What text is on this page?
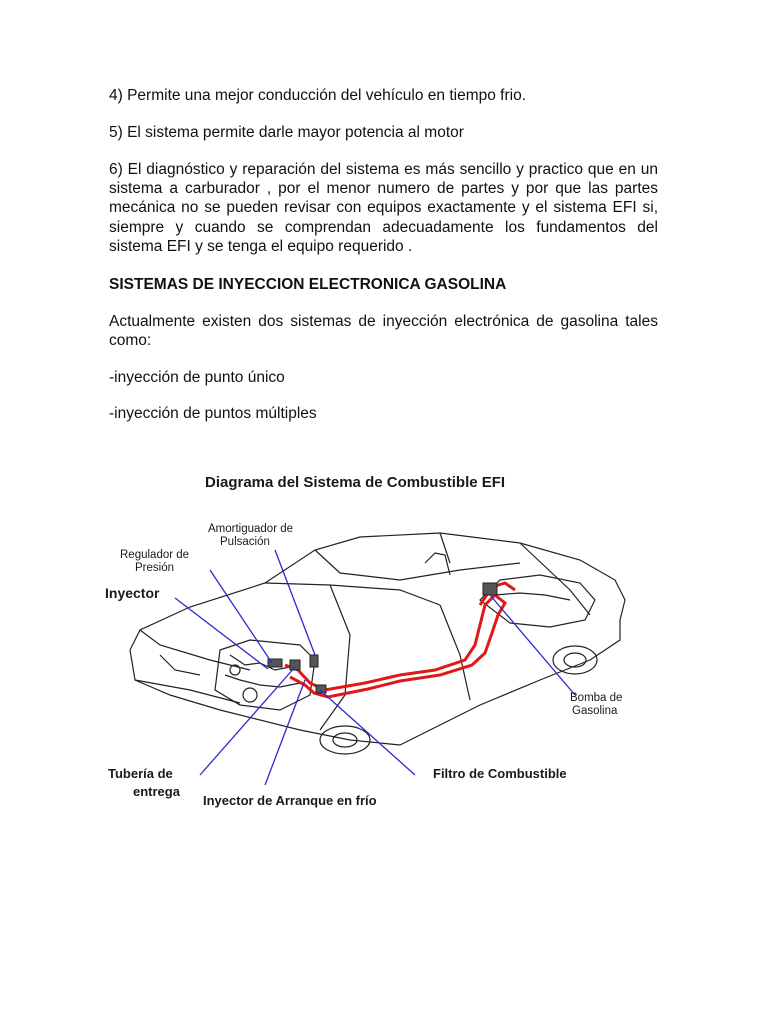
4) Permite una mejor conducción del vehículo en tiempo frio.

5) El sistema permite darle mayor potencia al motor

6) El diagnóstico y reparación del sistema es más sencillo y practico que en un sistema a carburador , por el menor numero de partes y por que las partes mecánica no se pueden revisar con equipos exactamente y el sistema EFI si, siempre y cuando se comprendan adecuadamente los fundamentos del sistema EFI y se tenga el equipo requerido .

SISTEMAS DE INYECCION ELECTRONICA GASOLINA

Actualmente existen dos sistemas de inyección electrónica de gasolina tales como:

-inyección de punto único

-inyección de puntos múltiples

Diagrama del Sistema de Combustible EFI
Amortiguador de
Pulsación
Regulador de
Presión
Inyector
Bomba de
Gasolina
Tubería de
entrega
Filtro de Combustible
Inyector de Arranque en frío
